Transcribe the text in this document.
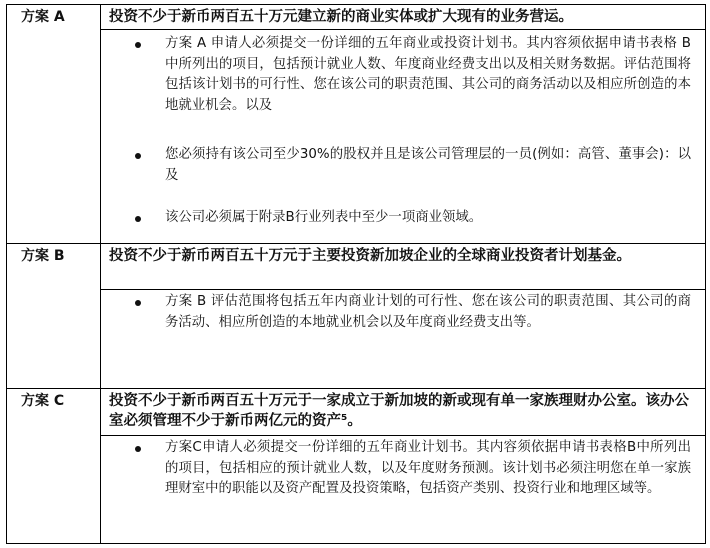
方案 A	投资不少于新币两百五十万元建立新的商业实体或扩大现有的业务营运。
方案 A 申请人必须提交一份详细的五年商业或投资计划书。其内容须依据申请书表格 B 中所列出的项目，包括预计就业人数、年度商业经费支出以及相关财务数据。评估范围将包括该计划书的可行性、您在该公司的职责范围、其公司的商务活动以及相应所创造的本地就业机会。以及
您必须持有该公司至少30%的股权并且是该公司管理层的一员(例如：高管、董事会)：以及
该公司必须属于附录B行业列表中至少一项商业领域。
方案 B	投资不少于新币两百五十万元于主要投资新加坡企业的全球商业投资者计划基金。
方案 B 评估范围将包括五年内商业计划的可行性、您在该公司的职责范围、其公司的商务活动、相应所创造的本地就业机会以及年度商业经费支出等。
方案 C	投资不少于新币两百五十万元于一家成立于新加坡的新或现有单一家族理财办公室。该办公室必须管理不少于新币两亿元的资产⁵。
方案C申请人必须提交一份详细的五年商业计划书。其内容须依据申请书表格B中所列出的项目，包括相应的预计就业人数，以及年度财务预测。该计划书必须注明您在单一家族理财室中的职能以及资产配置及投资策略，包括资产类别、投资行业和地理区域等。
